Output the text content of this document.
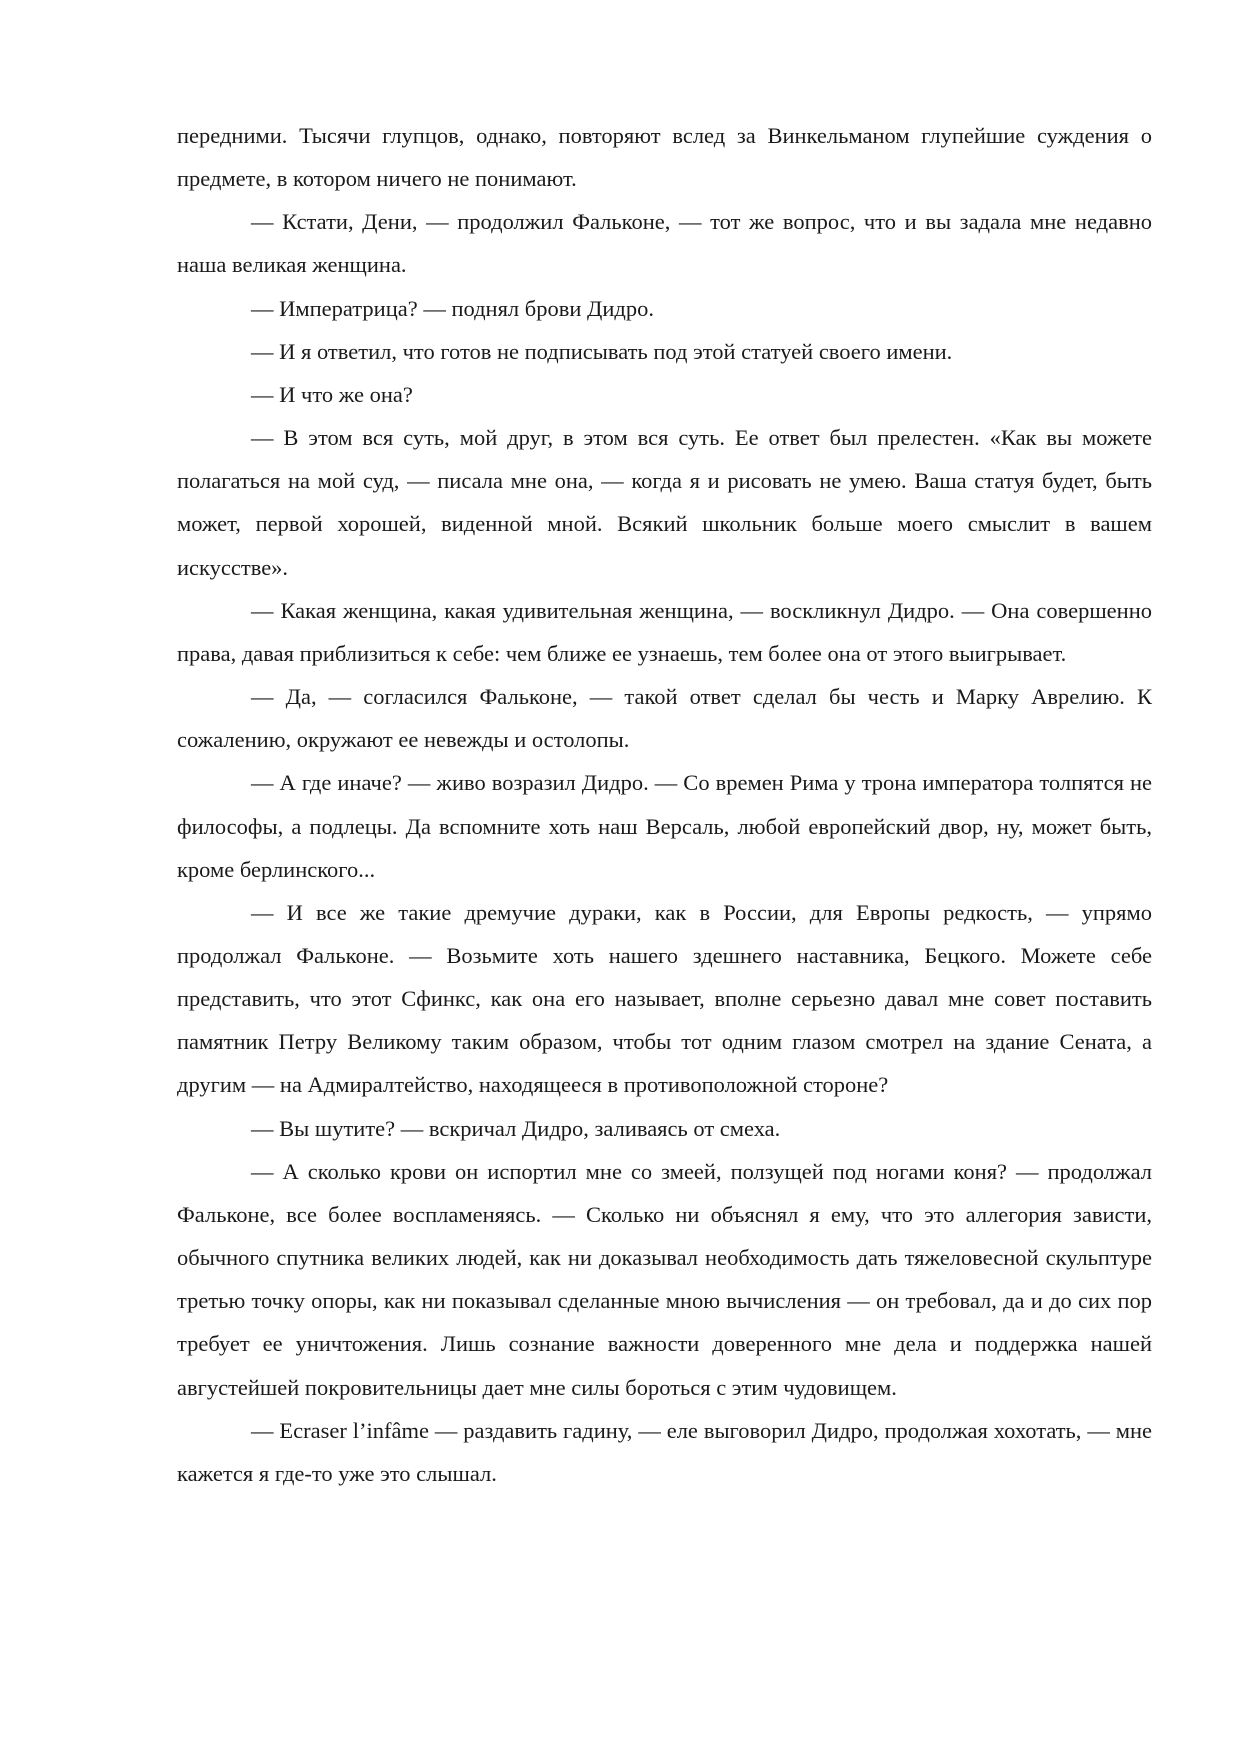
передними. Тысячи глупцов, однако, повторяют вслед за Винкельманом глупейшие суждения о предмете, в котором ничего не понимают.

— Кстати, Дени, — продолжил Фальконе, — тот же вопрос, что и вы задала мне недавно наша великая женщина.

— Императрица? — поднял брови Дидро.

— И я ответил, что готов не подписывать под этой статуей своего имени.

— И что же она?

— В этом вся суть, мой друг, в этом вся суть. Ее ответ был прелестен. «Как вы можете полагаться на мой суд, — писала мне она, — когда я и рисовать не умею. Ваша статуя будет, быть может, первой хорошей, виденной мной. Всякий школьник больше моего смыслит в вашем искусстве».

— Какая женщина, какая удивительная женщина, — воскликнул Дидро. — Она совершенно права, давая приблизиться к себе: чем ближе ее узнаешь, тем более она от этого выигрывает.

— Да, — согласился Фальконе, — такой ответ сделал бы честь и Марку Аврелию. К сожалению, окружают ее невежды и остолопы.

— А где иначе? — живо возразил Дидро. — Со времен Рима у трона императора толпятся не философы, а подлецы. Да вспомните хоть наш Версаль, любой европейский двор, ну, может быть, кроме берлинского...

— И все же такие дремучие дураки, как в России, для Европы редкость, — упрямо продолжал Фальконе. — Возьмите хоть нашего здешнего наставника, Бецкого. Можете себе представить, что этот Сфинкс, как она его называет, вполне серьезно давал мне совет поставить памятник Петру Великому таким образом, чтобы тот одним глазом смотрел на здание Сената, а другим — на Адмиралтейство, находящееся в противоположной стороне?

— Вы шутите? — вскричал Дидро, заливаясь от смеха.

— А сколько крови он испортил мне со змеей, ползущей под ногами коня? — продолжал Фальконе, все более воспламеняясь. — Сколько ни объяснял я ему, что это аллегория зависти, обычного спутника великих людей, как ни доказывал необходимость дать тяжеловесной скульптуре третью точку опоры, как ни показывал сделанные мною вычисления — он требовал, да и до сих пор требует ее уничтожения. Лишь сознание важности доверенного мне дела и поддержка нашей августейшей покровительницы дает мне силы бороться с этим чудовищем.

— Ecraser l’infâme — раздавить гадину, — еле выговорил Дидро, продолжая хохотать, — мне кажется я где-то уже это слышал.
